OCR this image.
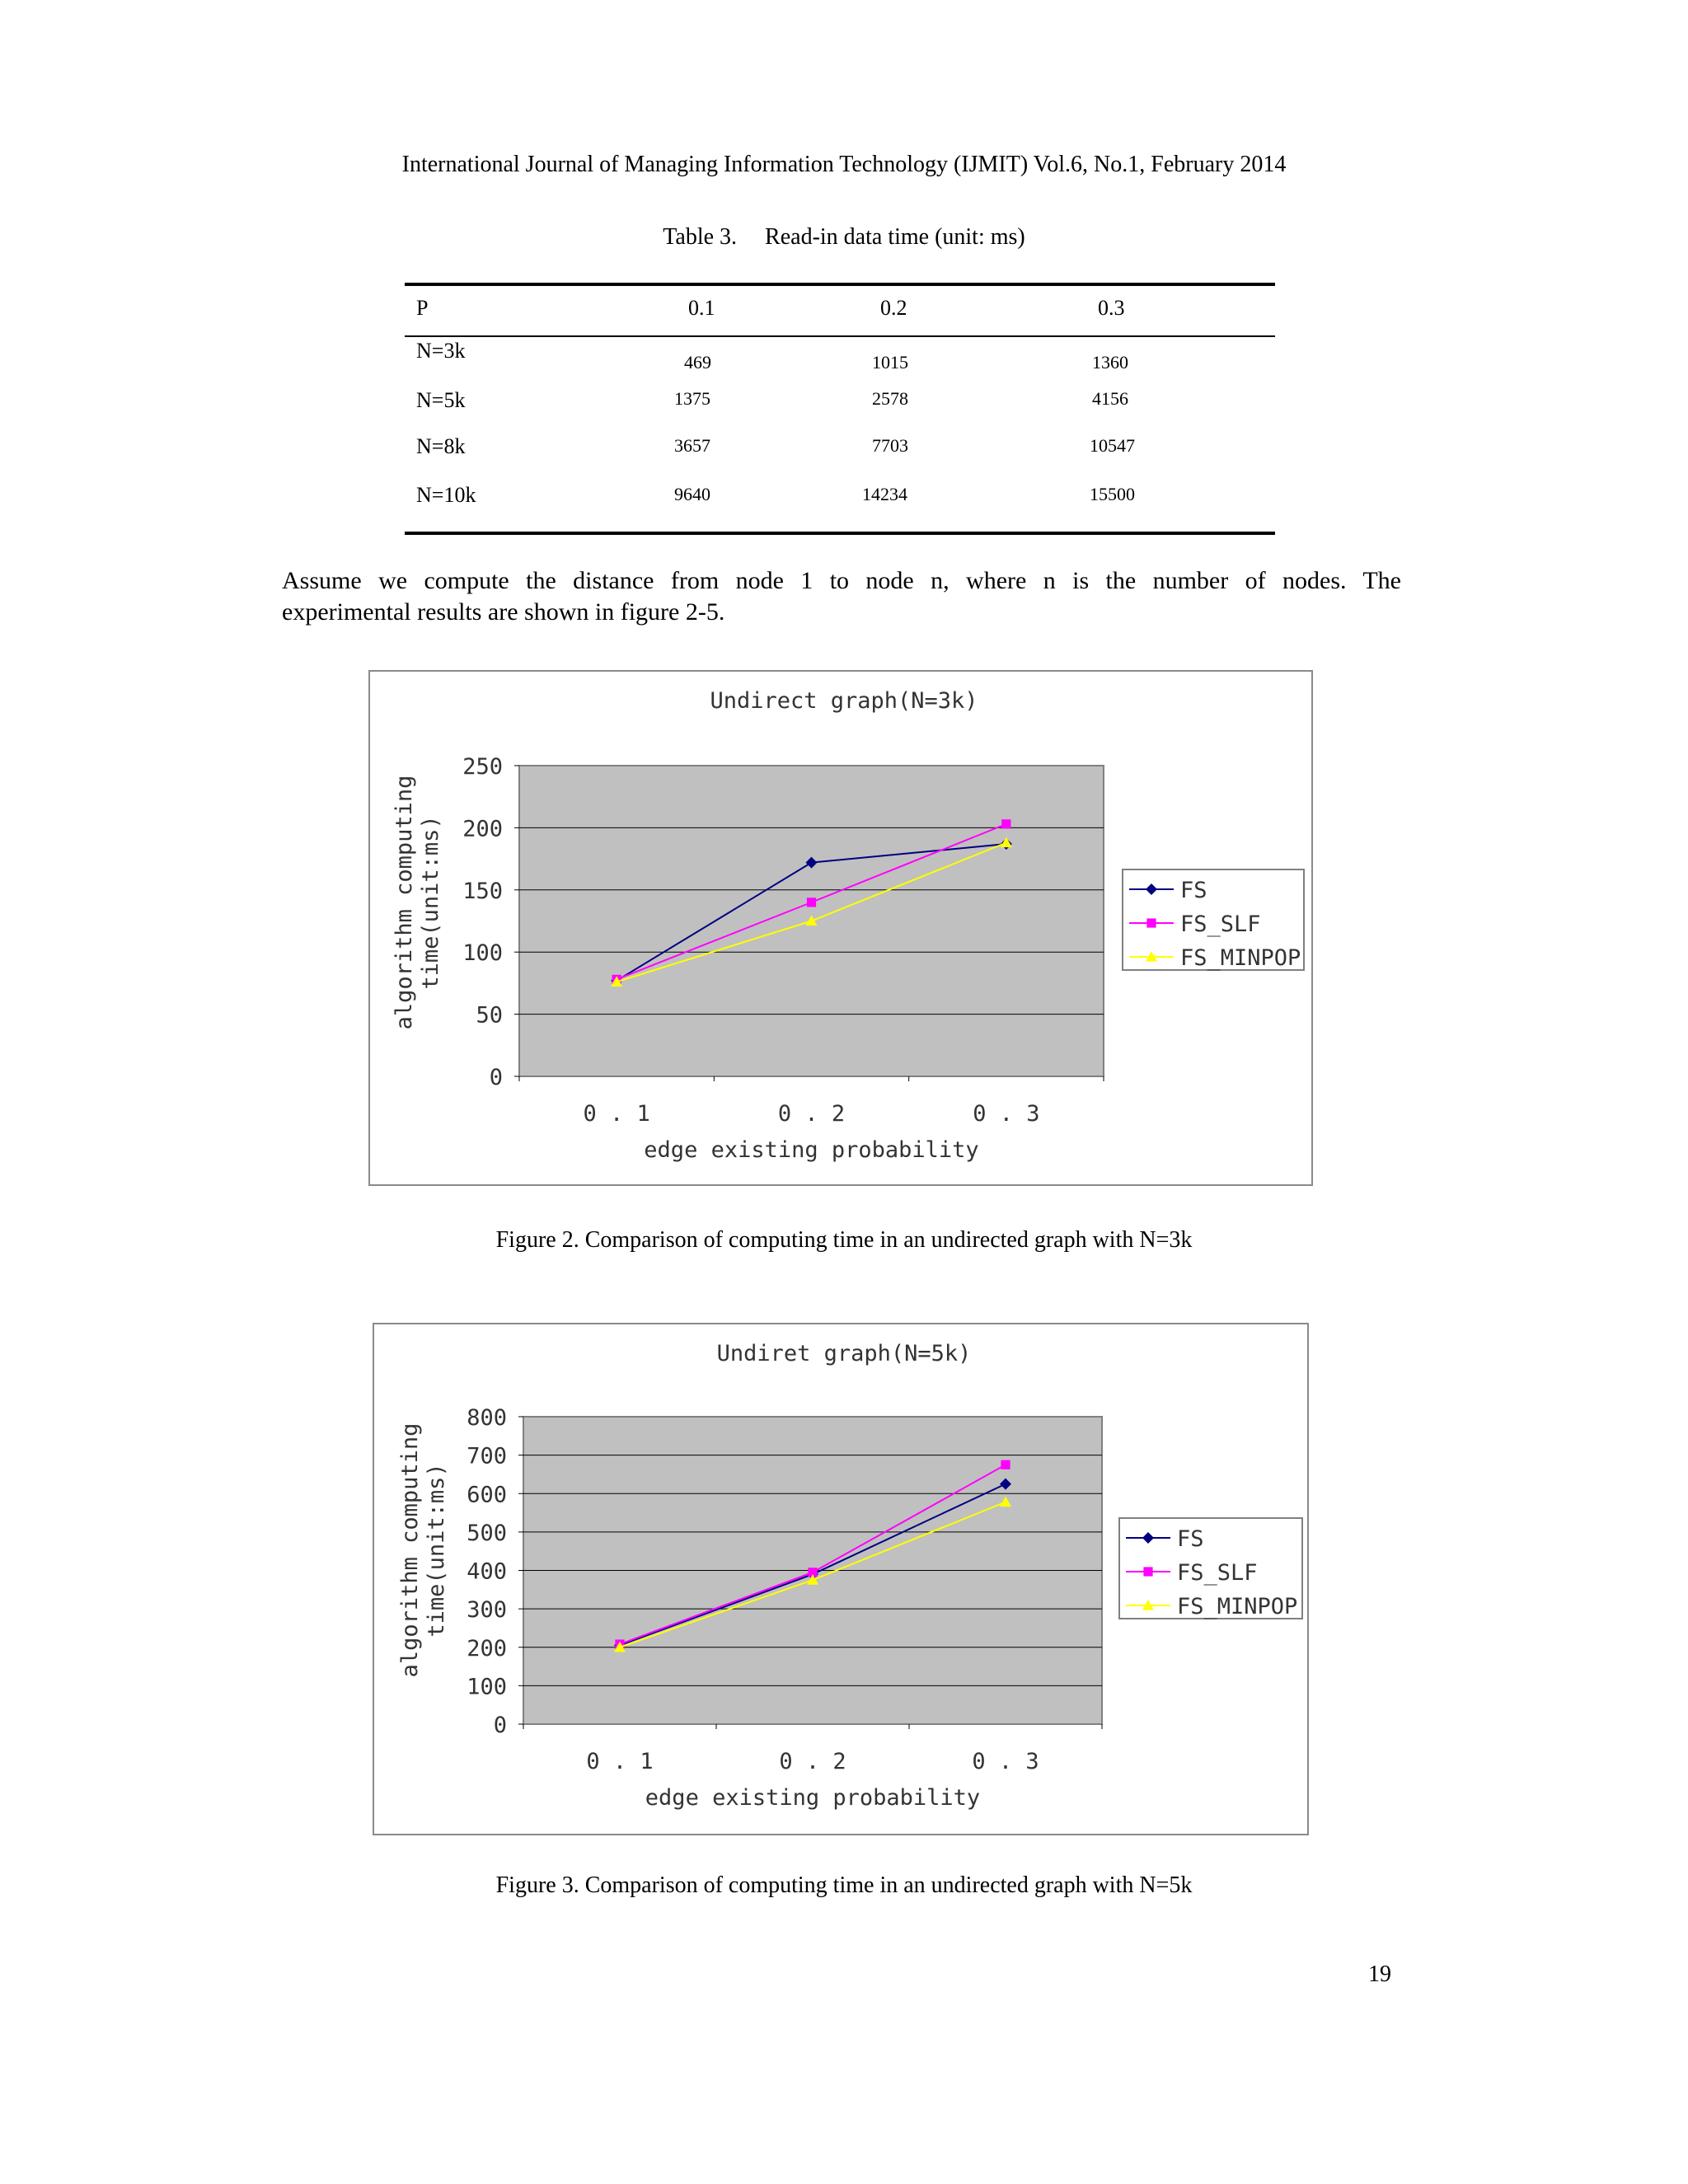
International Journal of Managing Information Technology (IJMIT) Vol.6, No.1, February 2014
Table 3. Read-in data time (unit: ms)
P	0.1	0.2	0.3
N=3k	469	1015	1360
N=5k	1375	2578	4156
N=8k	3657	7703	10547
N=10k	9640	14234	15500
Assume we compute the distance from node 1 to node n, where n is the number of nodes. The
experimental results are shown in figure 2-5.
Undirect graph(N=3k)
0
50
100
150
200
250
0 . 1	0 . 2	0 . 3
edge existing probability
algorithm computing time(unit:ms)	FS
FS_SLF
FS_MINPOP
Figure 2. Comparison of computing time in an undirected graph with N=3k
Undiret graph(N=5k)
0
100
200
300
400
500
600
700
800
0 . 1	0 . 2	0 . 3
edge existing probability
algorithm computing time(unit:ms)	FS
FS_SLF
FS_MINPOP
Figure 3. Comparison of computing time in an undirected graph with N=5k
19
